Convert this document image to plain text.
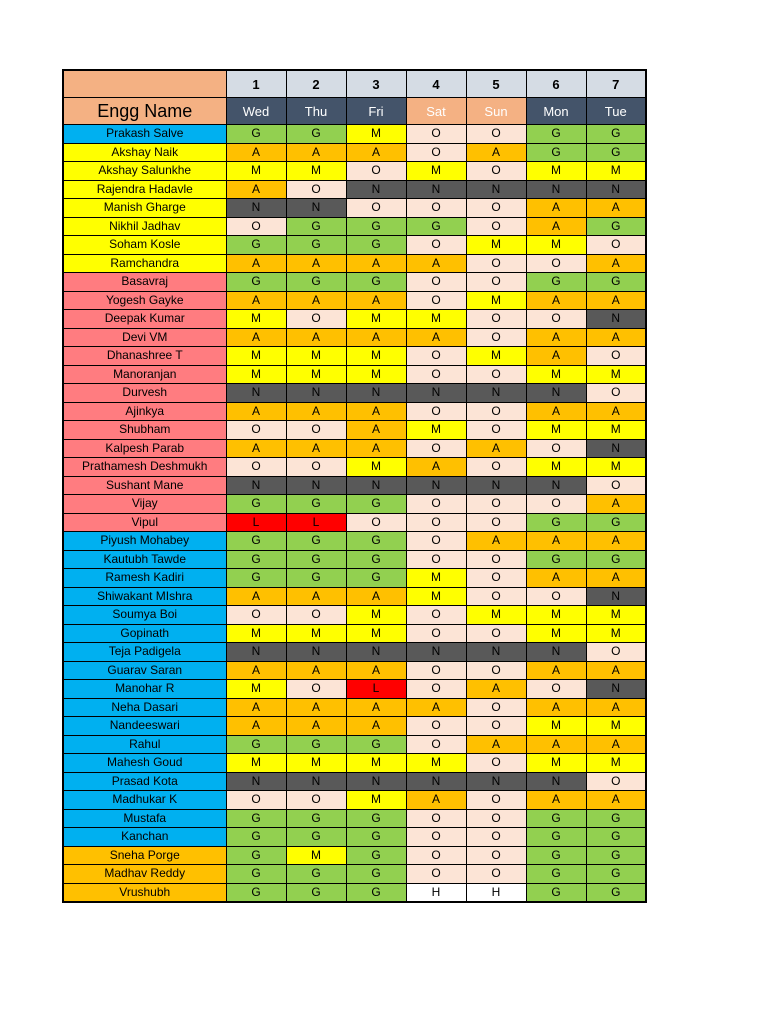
	1	2	3	4	5	6	7
Engg Name	Wed	Thu	Fri	Sat	Sun	Mon	Tue
Prakash Salve	G	G	M	O	O	G	G
Akshay Naik	A	A	A	O	A	G	G
Akshay Salunkhe	M	M	O	M	O	M	M
Rajendra Hadavle	A	O	N	N	N	N	N
Manish Gharge	N	N	O	O	O	A	A
Nikhil Jadhav	O	G	G	G	O	A	G
Soham Kosle	G	G	G	O	M	M	O
Ramchandra	A	A	A	A	O	O	A
Basavraj	G	G	G	O	O	G	G
Yogesh Gayke	A	A	A	O	M	A	A
Deepak Kumar	M	O	M	M	O	O	N
Devi VM	A	A	A	A	O	A	A
Dhanashree T	M	M	M	O	M	A	O
Manoranjan	M	M	M	O	O	M	M
Durvesh	N	N	N	N	N	N	O
Ajinkya	A	A	A	O	O	A	A
Shubham	O	O	A	M	O	M	M
Kalpesh Parab	A	A	A	O	A	O	N
Prathamesh Deshmukh	O	O	M	A	O	M	M
Sushant Mane	N	N	N	N	N	N	O
Vijay	G	G	G	O	O	O	A
Vipul	L	L	O	O	O	G	G
Piyush Mohabey	G	G	G	O	A	A	A
Kautubh Tawde	G	G	G	O	O	G	G
Ramesh Kadiri	G	G	G	M	O	A	A
Shiwakant MIshra	A	A	A	M	O	O	N
Soumya Boi	O	O	M	O	M	M	M
Gopinath	M	M	M	O	O	M	M
Teja Padigela	N	N	N	N	N	N	O
Guarav Saran	A	A	A	O	O	A	A
Manohar R	M	O	L	O	A	O	N
Neha Dasari	A	A	A	A	O	A	A
Nandeeswari	A	A	A	O	O	M	M
Rahul	G	G	G	O	A	A	A
Mahesh Goud	M	M	M	M	O	M	M
Prasad Kota	N	N	N	N	N	N	O
Madhukar K	O	O	M	A	O	A	A
Mustafa	G	G	G	O	O	G	G
Kanchan	G	G	G	O	O	G	G
Sneha Porge	G	M	G	O	O	G	G
Madhav Reddy	G	G	G	O	O	G	G
Vrushubh	G	G	G	H	H	G	G
